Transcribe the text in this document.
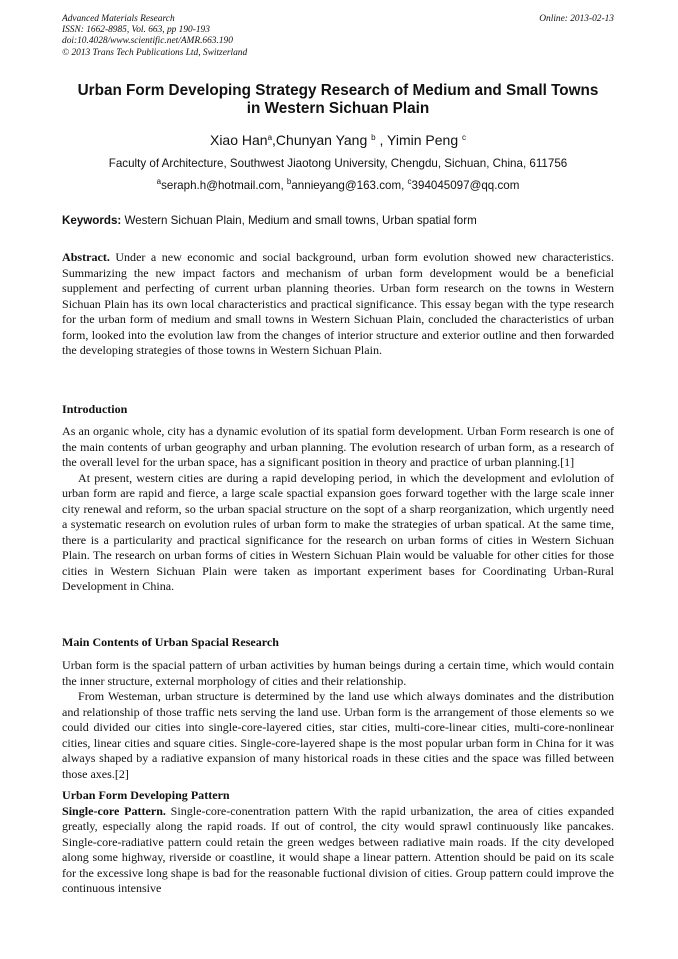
Advanced Materials Research
ISSN: 1662-8985, Vol. 663, pp 190-193
doi:10.4028/www.scientific.net/AMR.663.190
© 2013 Trans Tech Publications Ltd, Switzerland
Online: 2013-02-13
Urban Form Developing Strategy Research of Medium and Small Towns
in Western Sichuan Plain
Xiao Han$^a$,Chunyan Yang $^b$ , Yimin Peng $^c$
Faculty of Architecture, Southwest Jiaotong University, Chengdu, Sichuan, China, 611756
$^a$seraph.h@hotmail.com, $^b$annieyang@163.com, $^c$394045097@qq.com
Keywords: Western Sichuan Plain, Medium and small towns, Urban spatial form

Abstract. Under a new economic and social background, urban form evolution showed new characteristics. Summarizing the new impact factors and mechanism of urban form development would be a beneficial supplement and perfecting of current urban planning theories. Urban form research on the towns in Western Sichuan Plain has its own local characteristics and practical significance. This essay began with the type research for the urban form of medium and small towns in Western Sichuan Plain, concluded the characteristics of urban form, looked into the evolution law from the changes of interior structure and exterior outline and then forwarded the developing strategies of those towns in Western Sichuan Plain.

Introduction

As an organic whole, city has a dynamic evolution of its spatial form development. Urban Form research is one of the main contents of urban geography and urban planning. The evolution research of urban form, as a research of the overall level for the urban space, has a significant position in theory and practice of urban planning.[1]

At present, western cities are during a rapid developing period, in which the development and evlolution of urban form are rapid and fierce, a large scale spactial expansion goes forward together with the large scale inner city renewal and reform, so the urban spacial structure on the sopt of a sharp reorganization, which urgently need a systematic research on evolution rules of urban form to make the strategies of urban spatical. At the same time, there is a particularity and practical significance for the research on urban forms of cities in Western Sichuan Plain. The research on urban forms of cities in Western Sichuan Plain would be valuable for other cities for those cities in Western Sichuan Plain were taken as important experiment bases for Coordinating Urban-Rural Development in China.

Main Contents of Urban Spacial Research

Urban form is the spacial pattern of urban activities by human beings during a certain time, which would contain the inner structure, external morphology of cities and their relationship.

From Westeman, urban structure is determined by the land use which always dominates and the distribution and relationship of those traffic nets serving the land use. Urban form is the arrangement of those elements so we could divided our cities into single-core-layered cities, star cities, multi-core-linear cities, multi-core-nonlinear cities, linear cities and square cities. Single-core-layered shape is the most popular urban form in China for it was always shaped by a radiative expansion of many historical roads in these cities and the space was filled between those axes.[2]

Urban Form Developing Pattern

Single-core Pattern. Single-core-conentration pattern With the rapid urbanization, the area of cities expanded greatly, especially along the rapid roads. If out of control, the city would sprawl continuously like pancakes. Single-core-radiative pattern could retain the green wedges between radiative main roads. If the city developed along some highway, riverside or coastline, it would shape a linear pattern. Attention should be paid on its scale for the excessive long shape is bad for the reasonable fuctional division of cities. Group pattern could improve the continuous intensive
